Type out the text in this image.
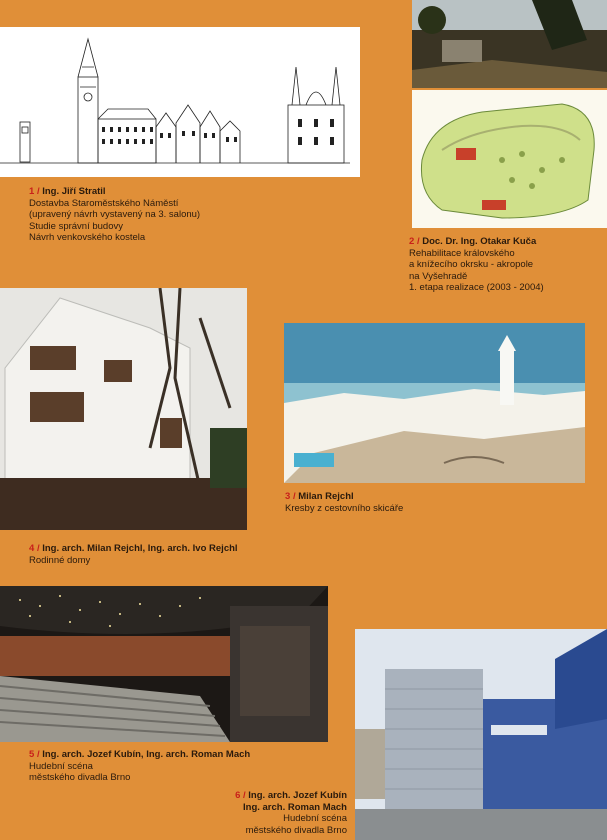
1 / Ing. Jiří Stratil
Dostavba Staroměstského Náměstí
(upravený návrh vystavený na 3. salonu)
Studie správní budovy
Návrh venkovského kostela	2 / Doc. Dr. Ing. Otakar Kuča
Rehabilitace královského
a knížecího okrsku - akropole
na Vyšehradě
1. etapa realizace (2003 - 2004)
3 / Milan Rejchl
Kresby z cestovního skicáře
4 / Ing. arch. Milan Rejchl, Ing. arch. Ivo Rejchl
Rodinné domy
5 / Ing. arch. Jozef Kubín, Ing. arch. Roman Mach
Hudební scéna
městského divadla Brno
6 / Ing. arch. Jozef Kubín
Ing. arch. Roman Mach
Hudební scéna
městského divadla Brno
